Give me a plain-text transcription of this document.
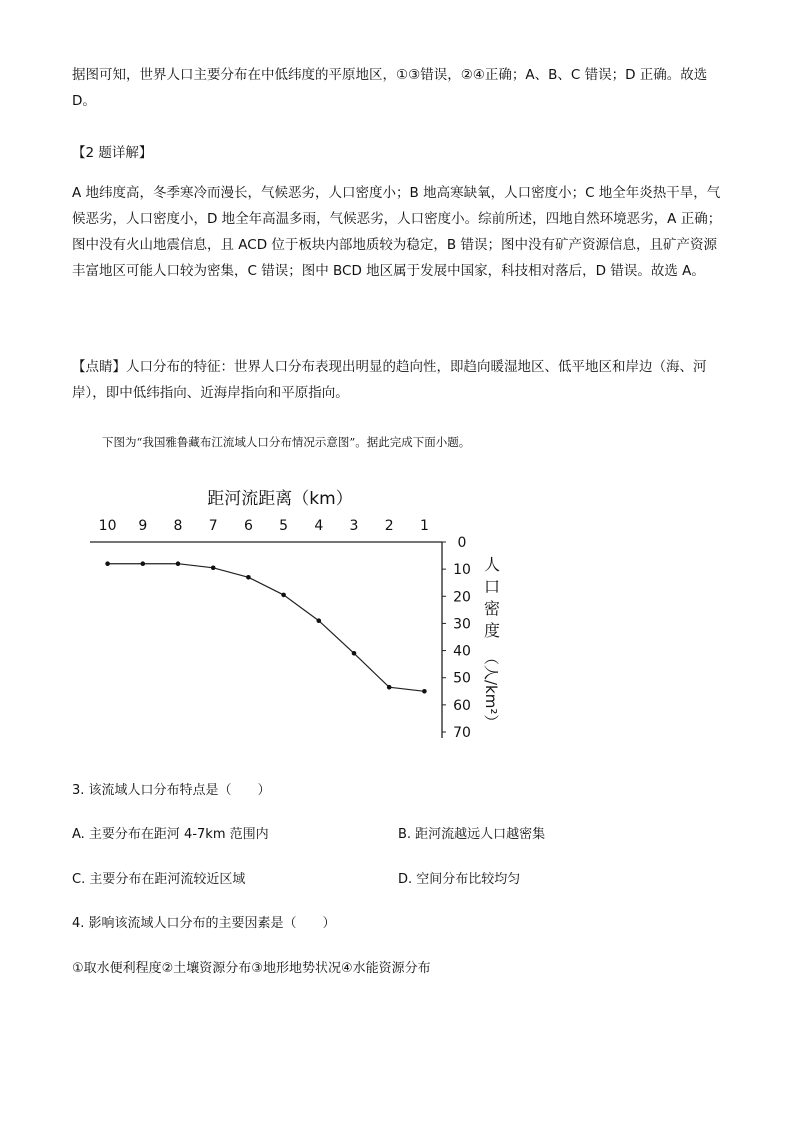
据图可知，世界人口主要分布在中低纬度的平原地区，①③错误，②④正确；A、B、C 错误；D 正确。故选 D。

【2 题详解】

A 地纬度高，冬季寒冷而漫长，气候恶劣，人口密度小；B 地高寒缺氧，人口密度小；C 地全年炎热干旱，气候恶劣，人口密度小，D 地全年高温多雨，气候恶劣，人口密度小。综前所述，四地自然环境恶劣，A 正确；图中没有火山地震信息，且 ACD 位于板块内部地质较为稳定，B 错误；图中没有矿产资源信息，且矿产资源丰富地区可能人口较为密集，C 错误；图中 BCD 地区属于发展中国家，科技相对落后，D 错误。故选 A。

【点睛】人口分布的特征：世界人口分布表现出明显的趋向性，即趋向暖湿地区、低平地区和岸边（海、河岸），即中低纬指向、近海岸指向和平原指向。

下图为“我国雅鲁藏布江流域人口分布情况示意图”。据此完成下面小题。

距河流距离（km）
10 9 8 7 6 5 4 3 2 1
0
10
20
30
40
50
60
70
人
口
密
度
（人/km²）

3. 该流域人口分布特点是（　　）

A. 主要分布在距河 4-7km 范围内	B. 距河流越远人口越密集

C. 主要分布在距河流较近区域	D. 空间分布比较均匀

4. 影响该流域人口分布的主要因素是（　　）

①取水便利程度②土壤资源分布③地形地势状况④水能资源分布
